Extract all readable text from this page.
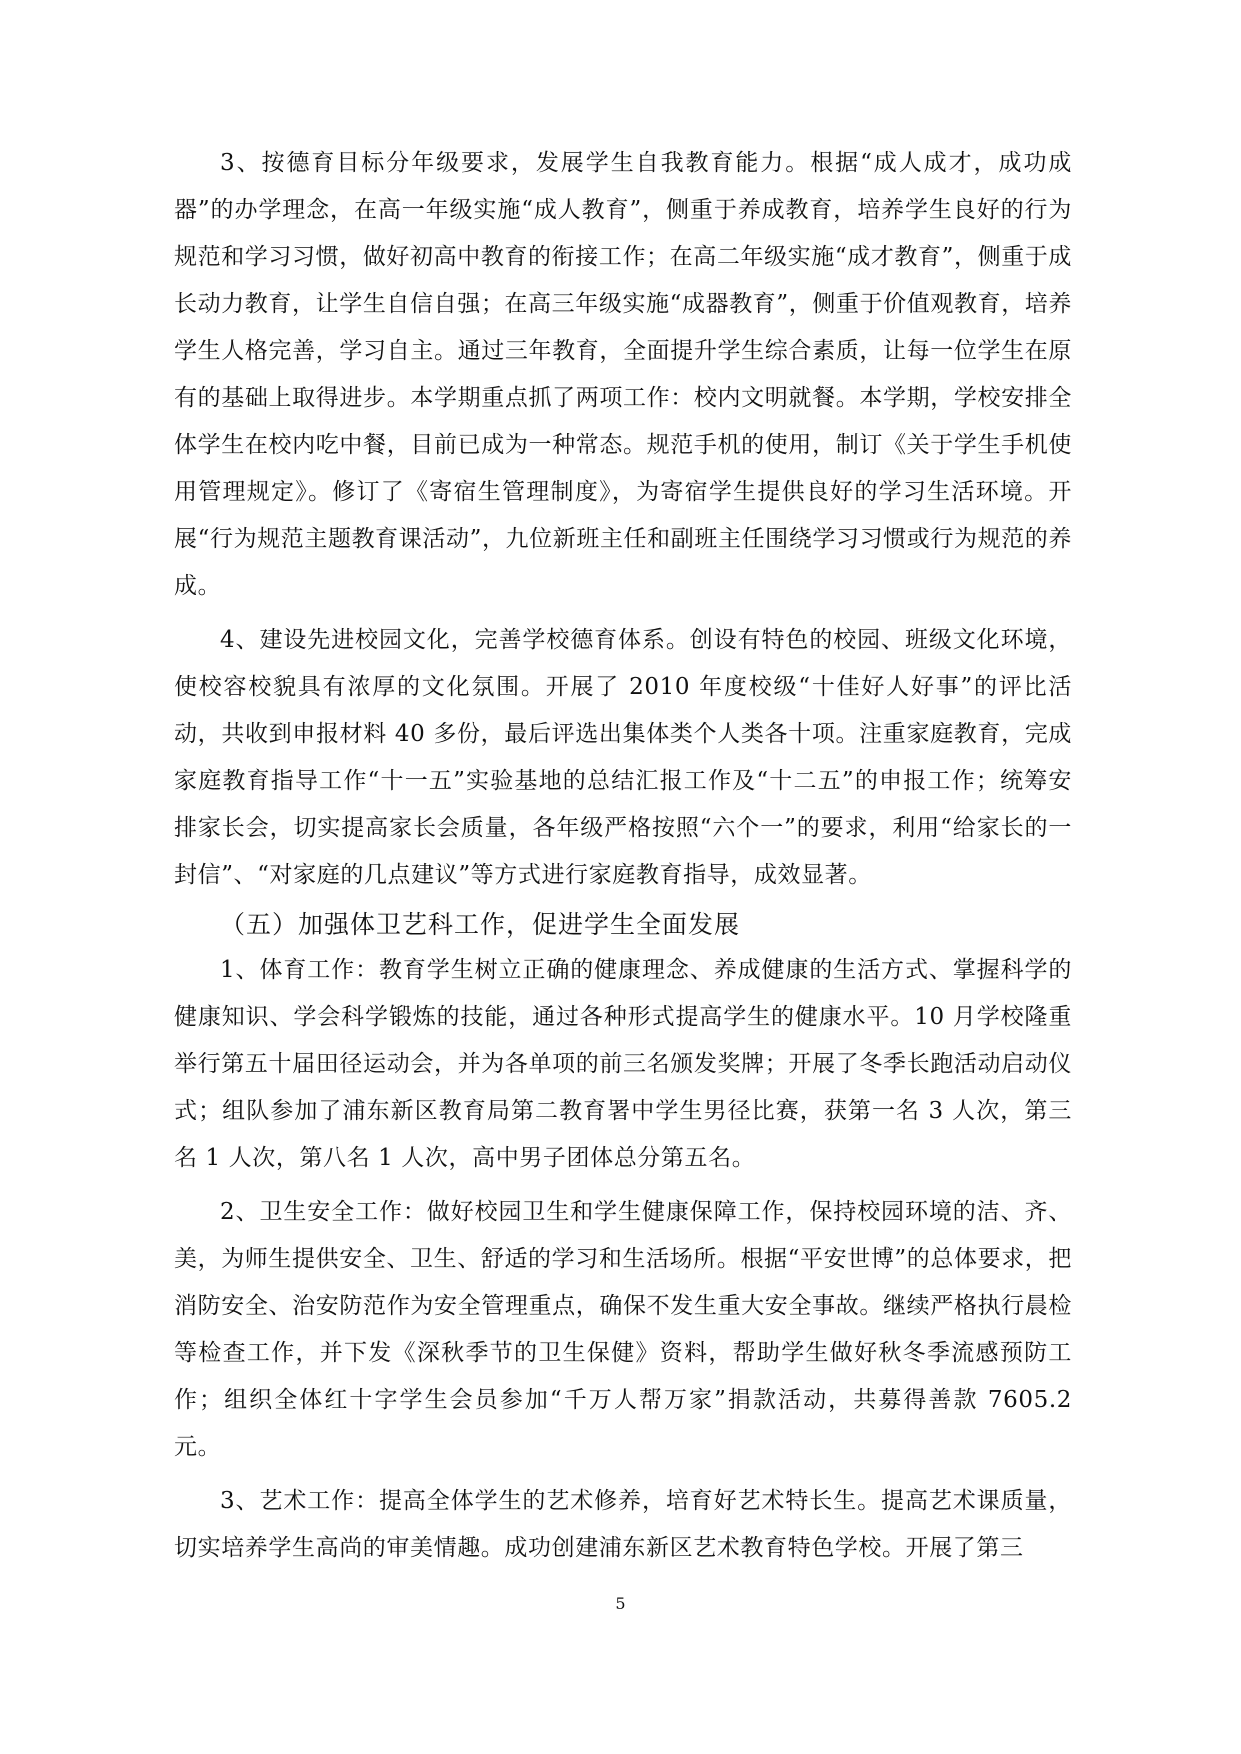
3、按德育目标分年级要求，发展学生自我教育能力。根据“成人成才，成功成器”的办学理念，在高一年级实施“成人教育”，侧重于养成教育，培养学生良好的行为规范和学习习惯，做好初高中教育的衔接工作；在高二年级实施“成才教育”，侧重于成长动力教育，让学生自信自强；在高三年级实施“成器教育”，侧重于价值观教育，培养学生人格完善，学习自主。通过三年教育，全面提升学生综合素质，让每一位学生在原有的基础上取得进步。本学期重点抓了两项工作：校内文明就餐。本学期，学校安排全体学生在校内吃中餐，目前已成为一种常态。规范手机的使用，制订《关于学生手机使用管理规定》。修订了《寄宿生管理制度》，为寄宿学生提供良好的学习生活环境。开展“行为规范主题教育课活动”，九位新班主任和副班主任围绕学习习惯或行为规范的养成。

4、建设先进校园文化，完善学校德育体系。创设有特色的校园、班级文化环境，使校容校貌具有浓厚的文化氛围。开展了 2010 年度校级“十佳好人好事”的评比活动，共收到申报材料 40 多份，最后评选出集体类个人类各十项。注重家庭教育，完成家庭教育指导工作“十一五”实验基地的总结汇报工作及“十二五”的申报工作；统筹安排家长会，切实提高家长会质量，各年级严格按照“六个一”的要求，利用“给家长的一封信”、“对家庭的几点建议”等方式进行家庭教育指导，成效显著。

（五）加强体卫艺科工作，促进学生全面发展

1、体育工作：教育学生树立正确的健康理念、养成健康的生活方式、掌握科学的健康知识、学会科学锻炼的技能，通过各种形式提高学生的健康水平。10 月学校隆重举行第五十届田径运动会，并为各单项的前三名颁发奖牌；开展了冬季长跑活动启动仪式；组队参加了浦东新区教育局第二教育署中学生男径比赛，获第一名 3 人次，第三名 1 人次，第八名 1 人次，高中男子团体总分第五名。

2、卫生安全工作：做好校园卫生和学生健康保障工作，保持校园环境的洁、齐、美，为师生提供安全、卫生、舒适的学习和生活场所。根据“平安世博”的总体要求，把消防安全、治安防范作为安全管理重点，确保不发生重大安全事故。继续严格执行晨检等检查工作，并下发《深秋季节的卫生保健》资料，帮助学生做好秋冬季流感预防工作；组织全体红十字学生会员参加“千万人帮万家”捐款活动，共募得善款 7605.2 元。

3、艺术工作：提高全体学生的艺术修养，培育好艺术特长生。提高艺术课质量，切实培养学生高尚的审美情趣。成功创建浦东新区艺术教育特色学校。开展了第三

5
